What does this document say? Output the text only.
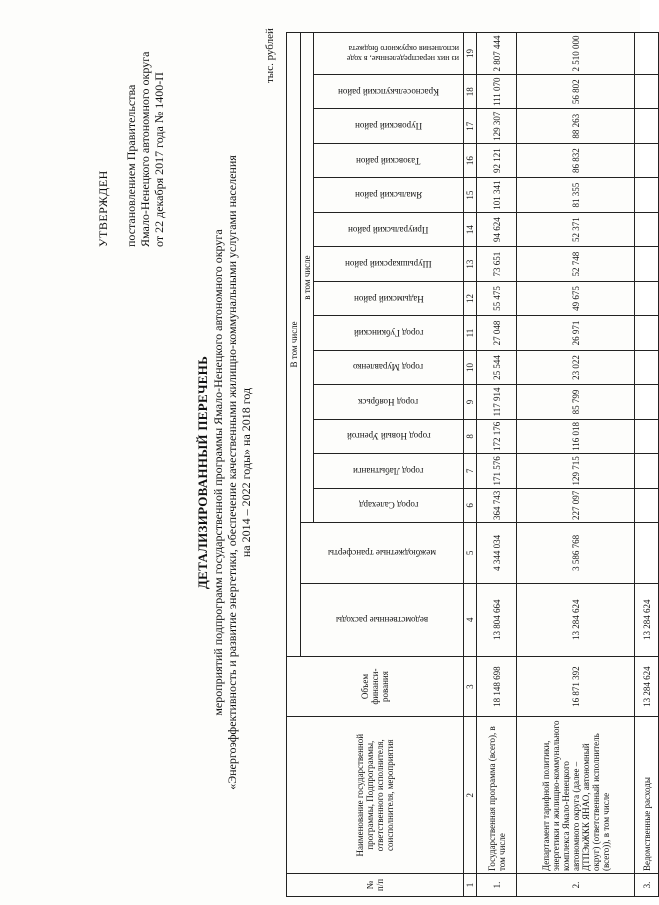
УТВЕРЖДЕН постановлением Правительства Ямало-Ненецкого автономного округа от 22 декабря 2017 года № 1400-П
ДЕТАЛИЗИРОВАННЫЙ ПЕРЕЧЕНЬ мероприятий подпрограмм государственной программы Ямало-Ненецкого автономного округа «Энергоэффективность и развитие энергетики, обеспечение качественными жилищно-коммунальными услугами населения на 2014 – 2022 годы» на 2018 год
тыс. рублей
№ п/п	Наименование государственной программы, Подпрограммы, ответственного исполнителя, соисполнителя, мероприятия	Объем финанси-рования	В том числе															

			ведомственные расходы	межбюджетные трансферты	в том числе													

					город Салехард	город Лабытнанги	город Новый Уренгой	город Ноябрьск	город Муравленко	город Губкинский	Надымский район	Шурышкарский район	Приуральский район	Ямальский район	Тазовский район	Пуровский район	Красноселькупский район	из них нераспределенные, в ходе исполнения окружного бюджета

1	2	3	4	5	6	7	8	9	10	11	12	13	14	15	16	17	18	19
1.	Государственная программа (всего), в том числе	18 148 698	13 804 664	4 344 034	364 743	171 576	172 176	117 914	25 544	27 048	55 475	73 651	94 624	101 341	92 121	129 307	111 070	2 807 444
2.	Департамент тарифной политики, энергетики и жилищно-коммунального комплекса Ямало-Ненецкого автономного округа (далее – ДТПЭиЖКК ЯНАО, автономный округ) (ответственный исполнитель (всего)), в том числе	16 871 392	13 284 624	3 586 768	227 097	129 715	116 018	85 799	23 022	26 971	49 675	52 748	52 371	81 355	86 832	88 263	56 802	2 510 000
3.	Ведомственные расходы	13 284 624	13 284 624															
